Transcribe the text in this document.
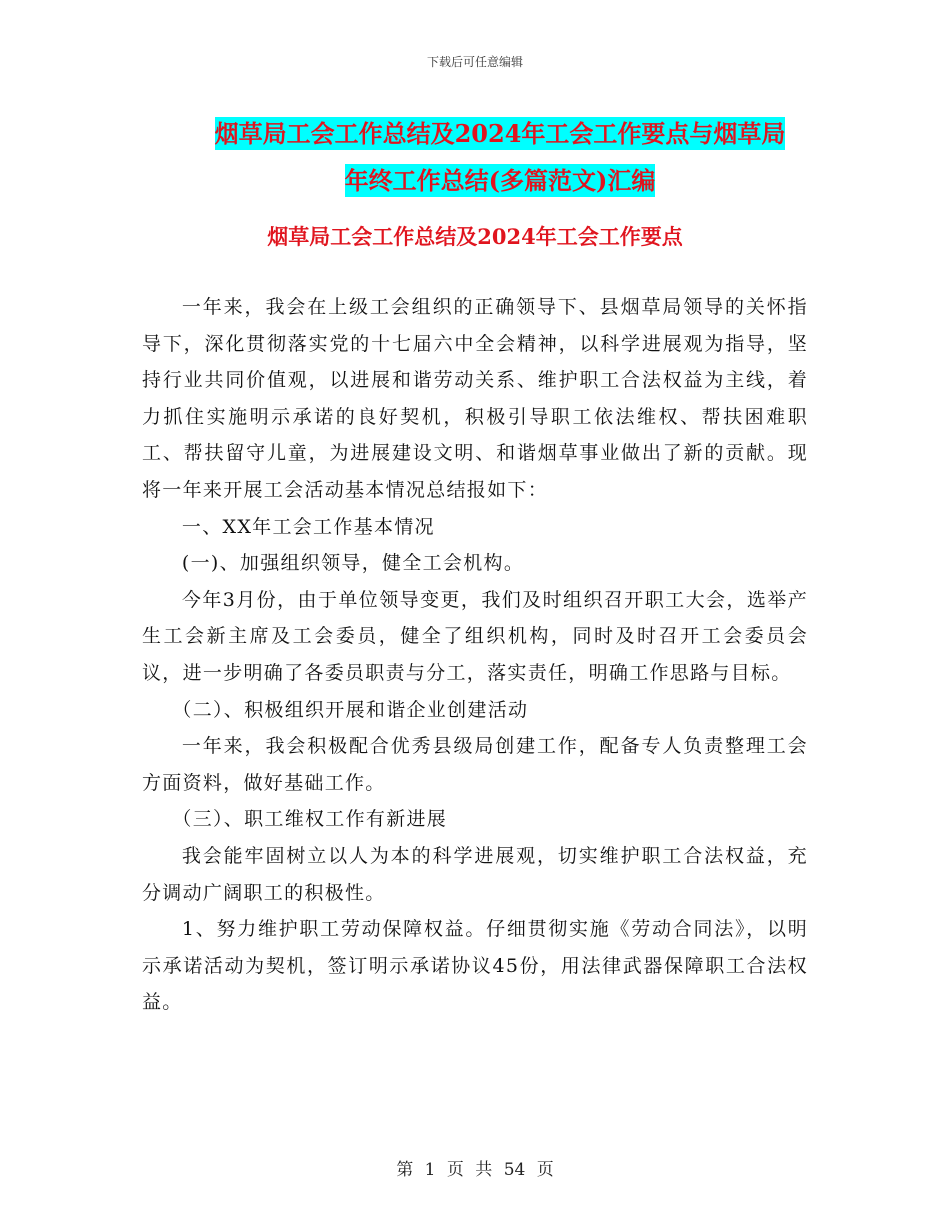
下载后可任意编辑
烟草局工会工作总结及2024年工会工作要点与烟草局
年终工作总结(多篇范文)汇编
烟草局工会工作总结及2024年工会工作要点

一年来，我会在上级工会组织的正确领导下、县烟草局领导的关怀指导下，深化贯彻落实党的十七届六中全会精神，以科学进展观为指导，坚持行业共同价值观，以进展和谐劳动关系、维护职工合法权益为主线，着力抓住实施明示承诺的良好契机，积极引导职工依法维权、帮扶困难职工、帮扶留守儿童，为进展建设文明、和谐烟草事业做出了新的贡献。现将一年来开展工会活动基本情况总结报如下：

一、XX年工会工作基本情况

(一)、加强组织领导，健全工会机构。

今年3月份，由于单位领导变更，我们及时组织召开职工大会，选举产生工会新主席及工会委员，健全了组织机构，同时及时召开工会委员会议，进一步明确了各委员职责与分工，落实责任，明确工作思路与目标。

（二）、积极组织开展和谐企业创建活动

一年来，我会积极配合优秀县级局创建工作，配备专人负责整理工会方面资料，做好基础工作。

（三）、职工维权工作有新进展

我会能牢固树立以人为本的科学进展观，切实维护职工合法权益，充分调动广阔职工的积极性。

1、努力维护职工劳动保障权益。仔细贯彻实施《劳动合同法》，以明示承诺活动为契机，签订明示承诺协议45份，用法律武器保障职工合法权益。

第 1 页 共 54 页
